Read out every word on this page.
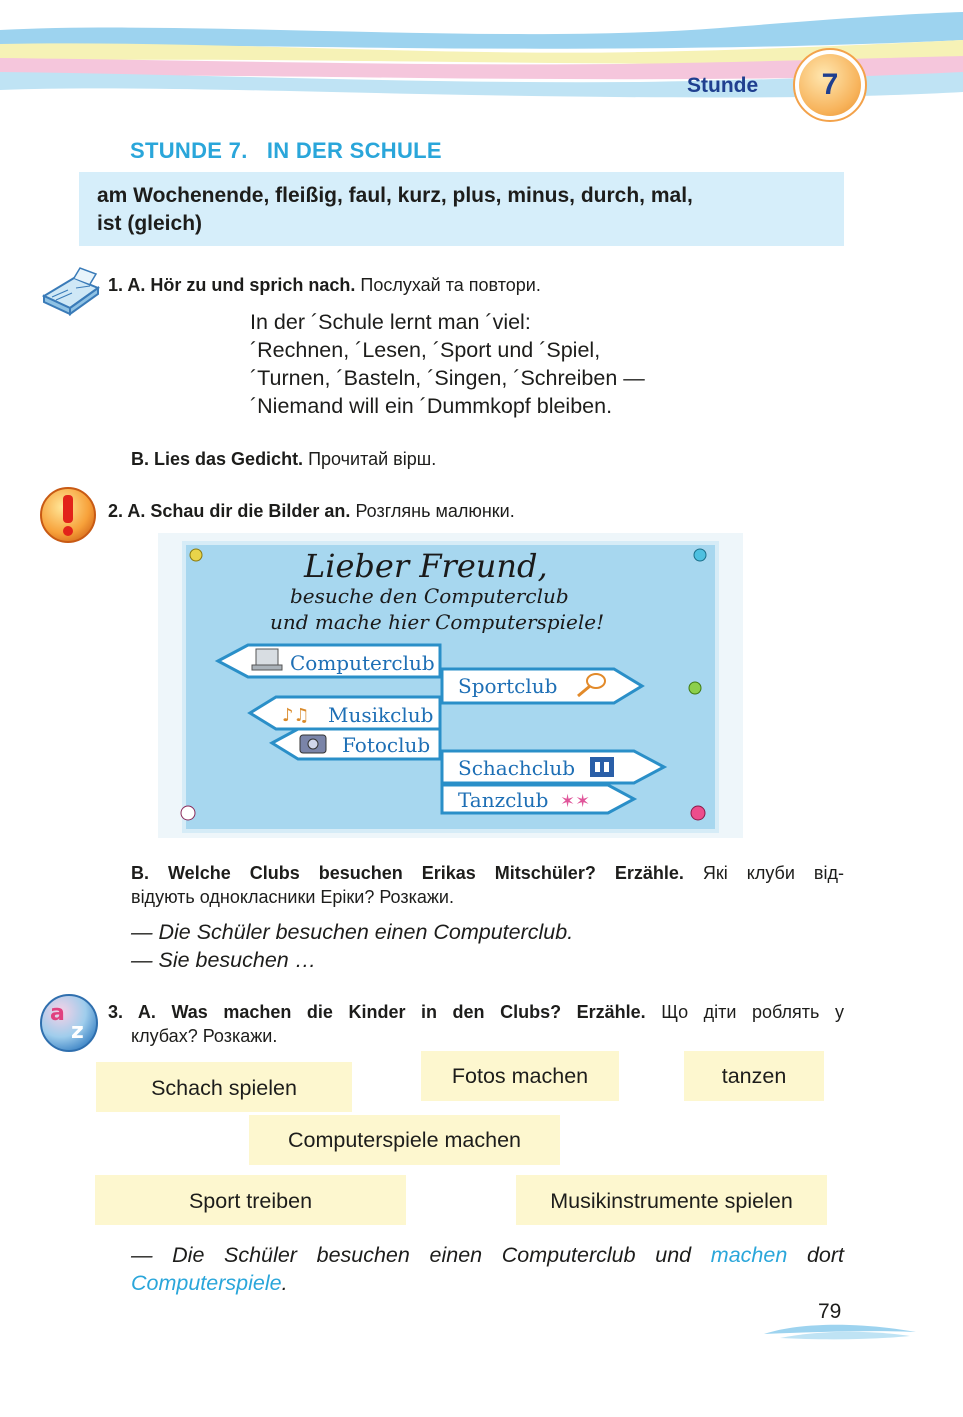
Stunde	7
STUNDE 7.   IN DER SCHULE
am Wochenende, fleißig, faul, kurz, plus, minus, durch, mal,
ist (gleich)
1. A. Hör zu und sprich nach. Послухай та повтори.
In der ´Schule lernt man ´viel:
´Rechnen, ´Lesen, ´Sport und ´Spiel,
´Turnen, ´Basteln, ´Singen, ´Schreiben —
´Niemand will ein ´Dummkopf bleiben.
B. Lies das Gedicht. Прочитай вірш.
2. A. Schau dir die Bilder an. Розглянь малюнки.
Lieber Freund,
besuche den Computerclub
und mache hier Computerspiele!
Computerclub
♪♫ Musikclub
Fotoclub
Sportclub
Schachclub
Tanzclub ✶✶
B. Welche Clubs besuchen Erikas Mitschüler? Erzähle. Які клуби від-
відують однокласники Еріки? Розкажи.
— Die Schüler besuchen einen Computerclub.
— Sie besuchen …
a
z
3. A. Was machen die Kinder in den Clubs? Erzähle. Що діти роблять у
клубах? Розкажи.
Schach spielen	Fotos machen	tanzen
Computerspiele machen
Sport treiben	Musikinstrumente spielen
— Die Schüler besuchen einen Computerclub und machen dort
Computerspiele.
79
